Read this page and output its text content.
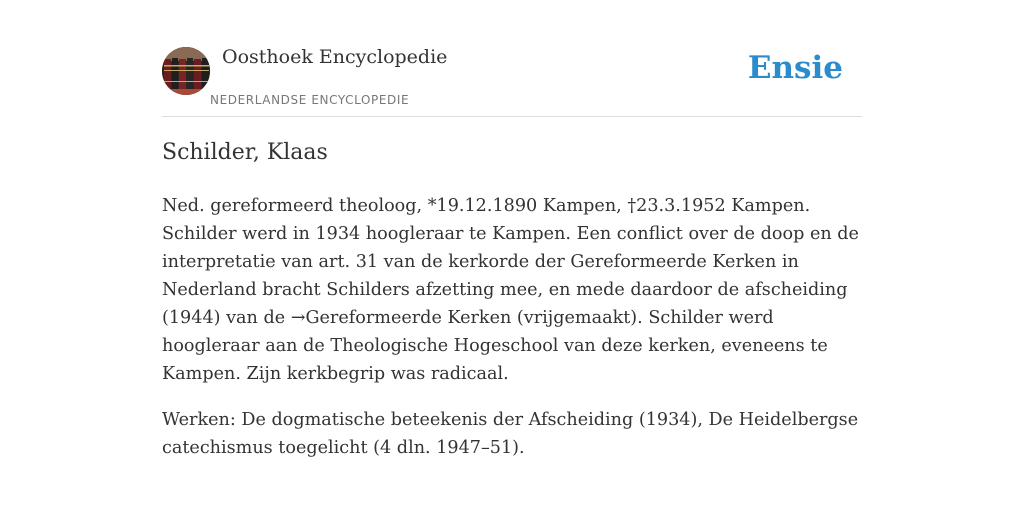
Oosthoek Encyclopedie
NEDERLANDSE ENCYCLOPEDIE
Ensie
Schilder, Klaas

Ned. gereformeerd theoloog, *19.12.1890 Kampen, †23.3.1952 Kampen. Schilder werd in 1934 hoogleraar te Kampen. Een conflict over de doop en de interpretatie van art. 31 van de kerkorde der Gereformeerde Kerken in Nederland bracht Schilders afzetting mee, en mede daardoor de afscheiding (1944) van de →Gereformeerde Kerken (vrijgemaakt). Schilder werd hoogleraar aan de Theologische Hogeschool van deze kerken, eveneens te Kampen. Zijn kerkbegrip was radicaal.

Werken: De dogmatische beteekenis der Afscheiding (1934), De Heidelbergse catechismus toegelicht (4 dln. 1947–51).
